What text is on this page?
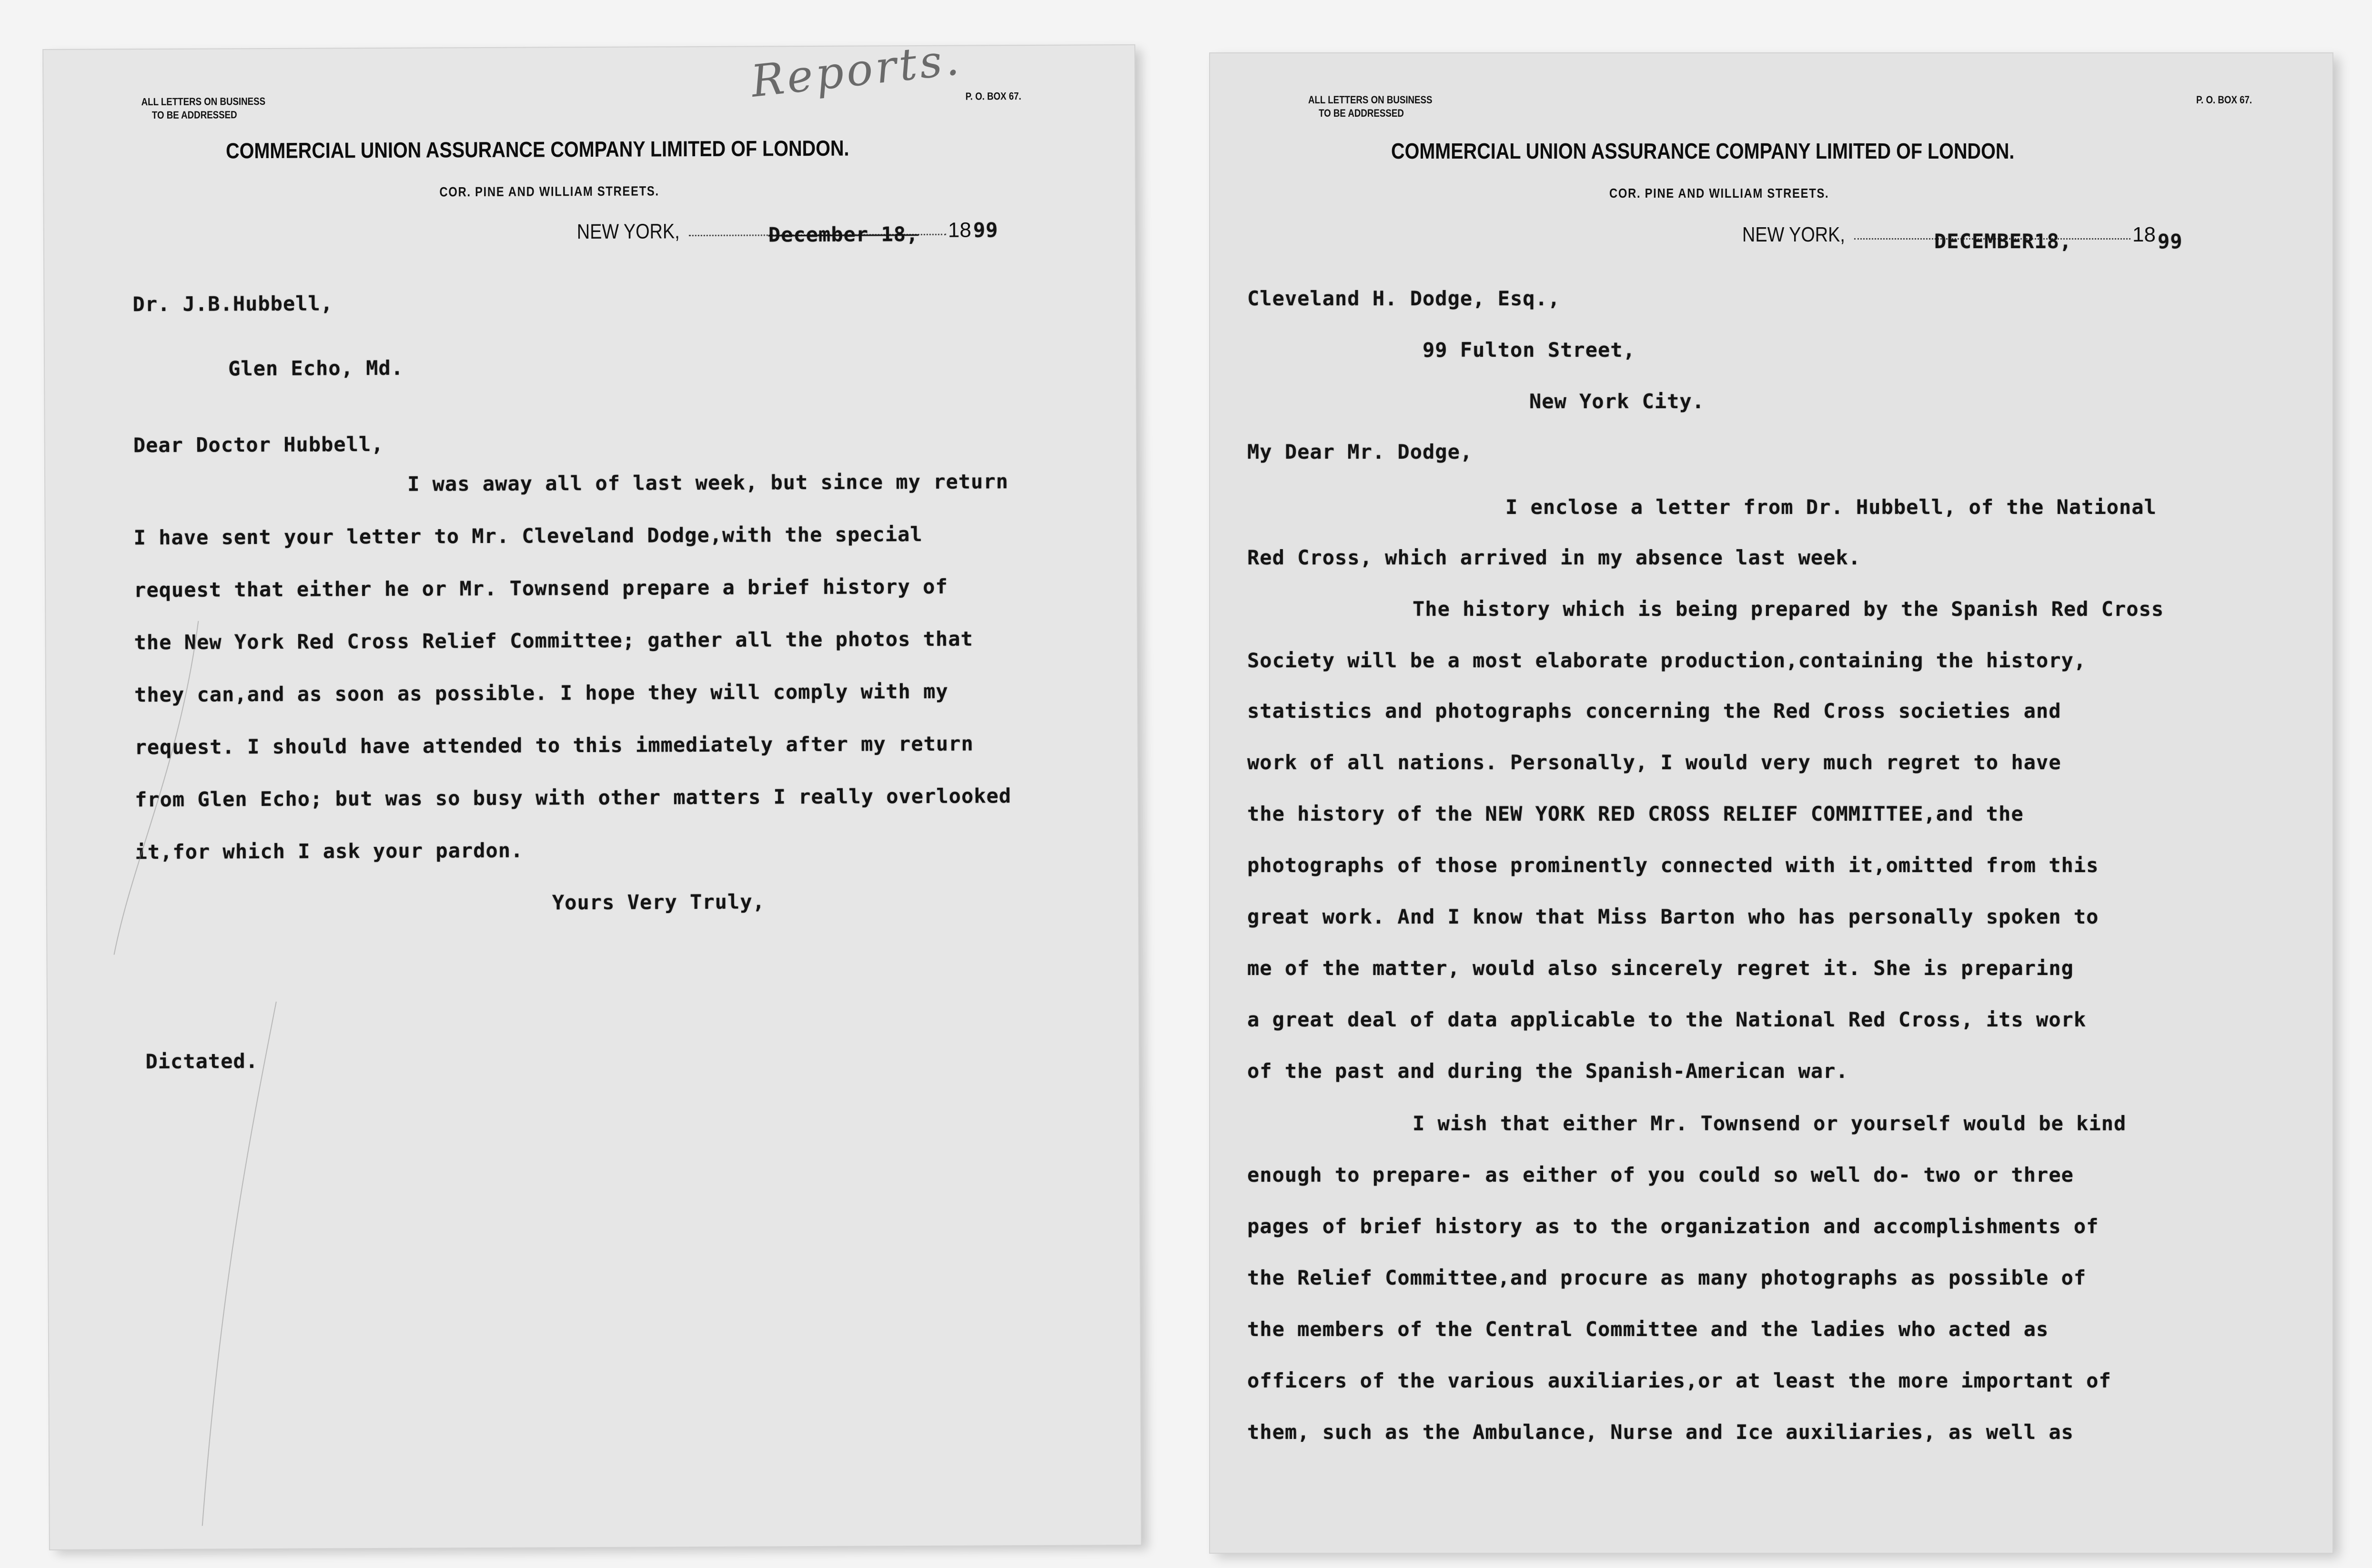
Reports.
ALL LETTERS ON BUSINESS
TO BE ADDRESSED
P. O. BOX 67.
COMMERCIAL UNION ASSURANCE COMPANY LIMITED OF LONDON.
COR. PINE AND WILLIAM STREETS.
NEW YORK,	18 99
December 18,
Dr. J.B.Hubbell,
Glen Echo, Md.
Dear Doctor Hubbell,
I was away all of last week, but since my return
I have sent your letter to Mr. Cleveland Dodge,with the special
request that either he or Mr. Townsend prepare a brief history of
the New York Red Cross Relief Committee; gather all the photos that
they can,and as soon as possible. I hope they will comply with my
request. I should have attended to this immediately after my return
from Glen Echo; but was so busy with other matters I really overlooked
it,for which I ask your pardon.
Yours Very Truly,
Dictated.
ALL LETTERS ON BUSINESS
TO BE ADDRESSED
P. O. BOX 67.
COMMERCIAL UNION ASSURANCE COMPANY LIMITED OF LONDON.
COR. PINE AND WILLIAM STREETS.
NEW YORK,	18 99
DECEMBER18,
Cleveland H. Dodge, Esq.,
99 Fulton Street,
New York City.
My Dear Mr. Dodge,
I enclose a letter from Dr. Hubbell, of the National
Red Cross, which arrived in my absence last week.
The history which is being prepared by the Spanish Red Cross
Society will be a most elaborate production,containing the history,
statistics and photographs concerning the Red Cross societies and
work of all nations. Personally, I would very much regret to have
the history of the NEW YORK RED CROSS RELIEF COMMITTEE,and the
photographs of those prominently connected with it,omitted from this
great work. And I know that Miss Barton who has personally spoken to
me of the matter, would also sincerely regret it. She is preparing
a great deal of data applicable to the National Red Cross, its work
of the past and during the Spanish-American war.
I wish that either Mr. Townsend or yourself would be kind
enough to prepare- as either of you could so well do- two or three
pages of brief history as to the organization and accomplishments of
the Relief Committee,and procure as many photographs as possible of
the members of the Central Committee and the ladies who acted as
officers of the various auxiliaries,or at least the more important of
them, such as the Ambulance, Nurse and Ice auxiliaries, as well as
